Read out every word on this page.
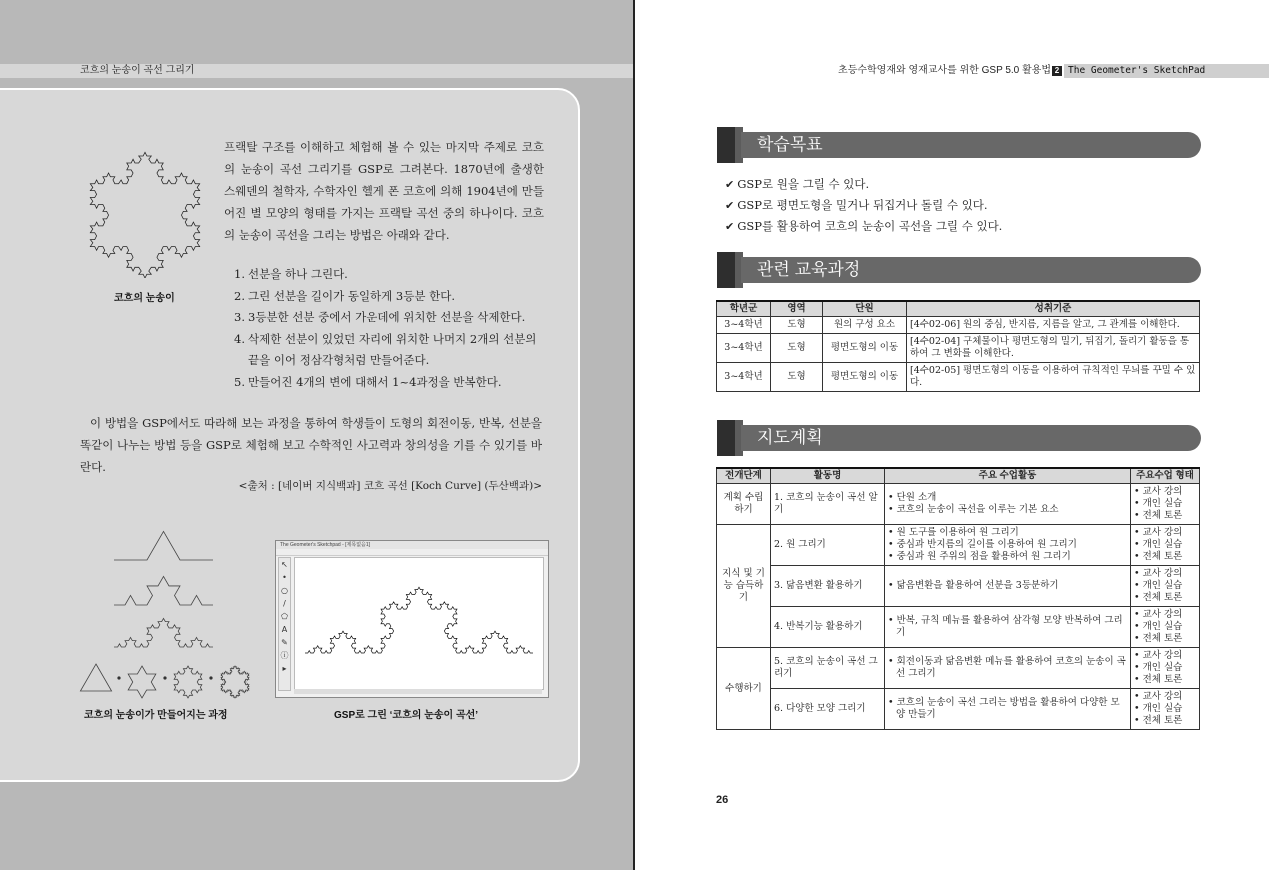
코흐의 눈송이 곡선 그리기
코흐의 눈송이
프랙탈 구조를 이해하고 체험해 볼 수 있는 마지막 주제로 코흐의 눈송이 곡선 그리기를 GSP로 그려본다. 1870년에 출생한 스웨덴의 철학자, 수학자인 헬게 폰 코흐에 의해 1904년에 만들어진 별 모양의 형태를 가지는 프랙탈 곡선 중의 하나이다. 코흐의 눈송이 곡선을 그리는 방법은 아래와 같다.
1. 선분을 하나 그린다.
2. 그린 선분을 길이가 동일하게 3등분 한다.
3. 3등분한 선분 중에서 가운데에 위치한 선분을 삭제한다.
4. 삭제한 선분이 있었던 자리에 위치한 나머지 2개의 선분의 끝을 이어 정삼각형처럼 만들어준다.
5. 만들어진 4개의 변에 대해서 1~4과정을 반복한다.
이 방법을 GSP에서도 따라해 보는 과정을 통하여 학생들이 도형의 회전이동, 반복, 선분을 똑같이 나누는 방법 등을 GSP로 체험해 보고 수학적인 사고력과 창의성을 기를 수 있기를 바란다.
<출처 : [네이버 지식백과] 코흐 곡선 [Koch Curve] (두산백과)>
코흐의 눈송이가 만들어지는 과정
The Geometer's Sketchpad - [제목없음1]
↖
•
○
/
⬠
A
✎
ⓘ
▸
GSP로 그린 ‘코흐의 눈송이 곡선’
초등수학영재와 영재교사를 위한 GSP 5.0 활용법 2 The Geometer's SketchPad
학습목표
✔ GSP로 원을 그릴 수 있다.
✔ GSP로 평면도형을 밀거나 뒤집거나 돌릴 수 있다.
✔ GSP를 활용하여 코흐의 눈송이 곡선을 그릴 수 있다.
관련 교육과정
학년군	영역	단원	성취기준
3~4학년	도형	원의 구성 요소	[4수02-06] 원의 중심, 반지름, 지름을 알고, 그 관계를 이해한다.
3~4학년	도형	평면도형의 이동	[4수02-04] 구체물이나 평면도형의 밀기, 뒤집기, 돌리기 활동을 통하여 그 변화를 이해한다.
3~4학년	도형	평면도형의 이동	[4수02-05] 평면도형의 이동을 이용하여 규칙적인 무늬를 꾸밀 수 있다.
지도계획
전개단계	활동명	주요 수업활동	주요수업 형태
계획 수립하기	1. 코흐의 눈송이 곡선 알기	• 단원 소개
• 코흐의 눈송이 곡선을 이루는 기본 요소	• 교사 강의
• 개인 실습
• 전체 토론

지식 및 기능 습득하기	2. 원 그리기	• 원 도구를 이용하여 원 그리기
• 중심과 반지름의 길이를 이용하여 원 그리기
• 중심과 원 주위의 점을 활용하여 원 그리기	• 교사 강의
• 개인 실습
• 전체 토론

	3. 닮음변환 활용하기	• 닮음변환을 활용하여 선분을 3등분하기	• 교사 강의
• 개인 실습
• 전체 토론

	4. 반복기능 활용하기	• 반복, 규칙 메뉴를 활용하여 삼각형 모양 반복하여 그리기	• 교사 강의
• 개인 실습
• 전체 토론

수행하기	5. 코흐의 눈송이 곡선 그리기	• 회전이동과 닮음변환 메뉴를 활용하여 코흐의 눈송이 곡선 그리기	• 교사 강의
• 개인 실습
• 전체 토론

	6. 다양한 모양 그리기	• 코흐의 눈송이 곡선 그리는 방법을 활용하여 다양한 모양 만들기	• 교사 강의
• 개인 실습
• 전체 토론
26
